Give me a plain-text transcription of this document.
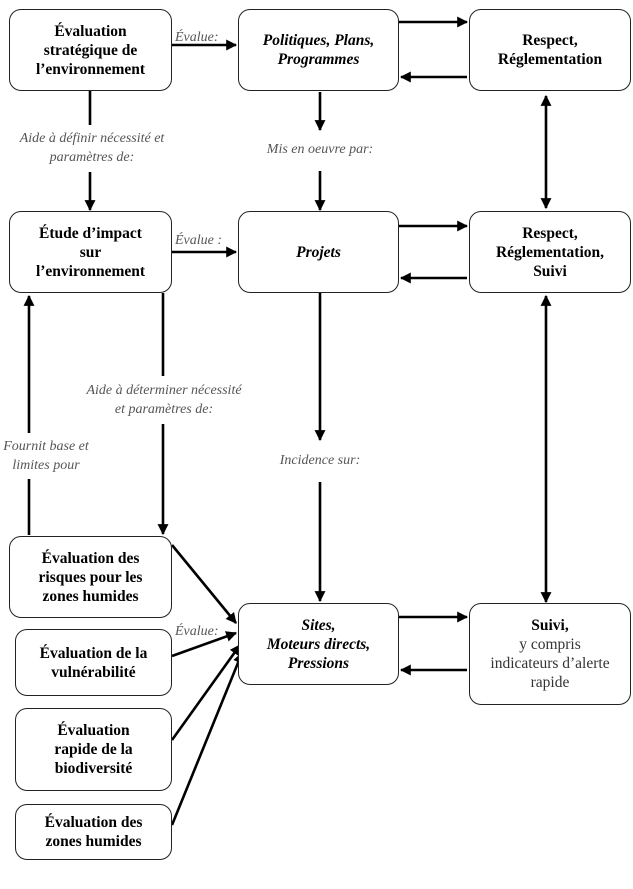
Évaluation
stratégique de
l’environnement
Politiques, Plans,
Programmes
Respect,
Réglementation
Étude d’impact
sur
l’environnement
Projets
Respect,
Réglementation,
Suivi
Évaluation des
risques pour les
zones humides
Évaluation de la
vulnérabilité
Évaluation
rapide de la
biodiversité
Évaluation des
zones humides
Sites,
Moteurs directs,
Pressions
Suivi,
y compris
indicateurs d’alerte
rapide
Évalue:
Aide à définir nécessité et
paramètres de:
Mis en oeuvre par:
Évalue :
Aide à déterminer nécessité
et paramètres de:
Fournit base et
limites pour	Incidence sur:
Évalue:
